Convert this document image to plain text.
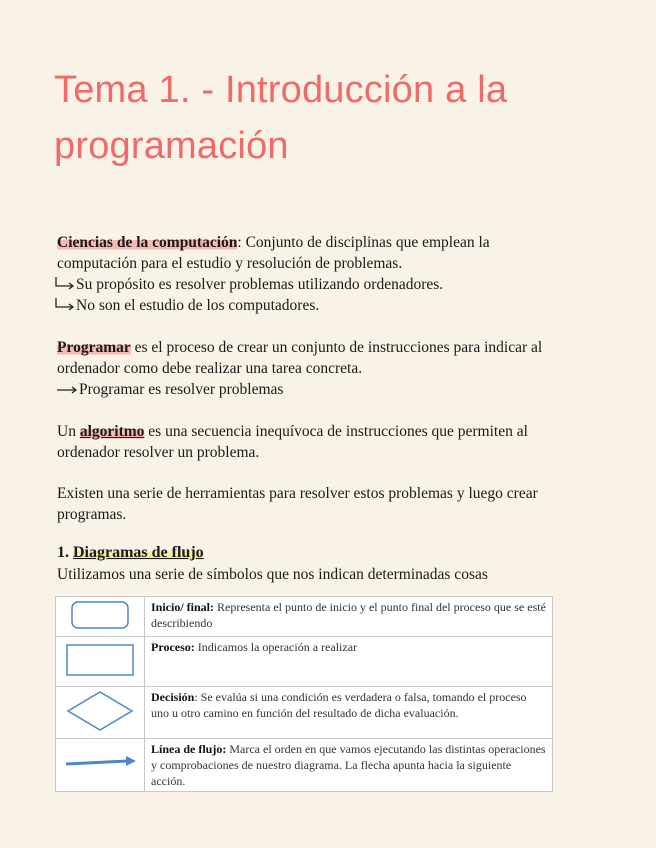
Tema 1. - Introducción a la
programación
Ciencias de la computación: Conjunto de disciplinas que emplean la
computación para el estudio y resolución de problemas.
Su propósito es resolver problemas utilizando ordenadores.
No son el estudio de los computadores.
Programar es el proceso de crear un conjunto de instrucciones para indicar al
ordenador como debe realizar una tarea concreta.
Programar es resolver problemas
Un algoritmo es una secuencia inequívoca de instrucciones que permiten al
ordenador resolver un problema.
Existen una serie de herramientas para resolver estos problemas y luego crear
programas.
1. Diagramas de flujo

Utilizamos una serie de símbolos que nos indican determinadas cosas

	Inicio/ final: Representa el punto de inicio y el punto final del proceso que se esté describiendo
	Proceso: Indicamos la operación a realizar
	Decisión: Se evalúa si una condición es verdadera o falsa, tomando el proceso uno u otro camino en función del resultado de dicha evaluación.
	Línea de flujo: Marca el orden en que vamos ejecutando las distintas operaciones y comprobaciones de nuestro diagrama. La flecha apunta hacia la siguiente acción.
